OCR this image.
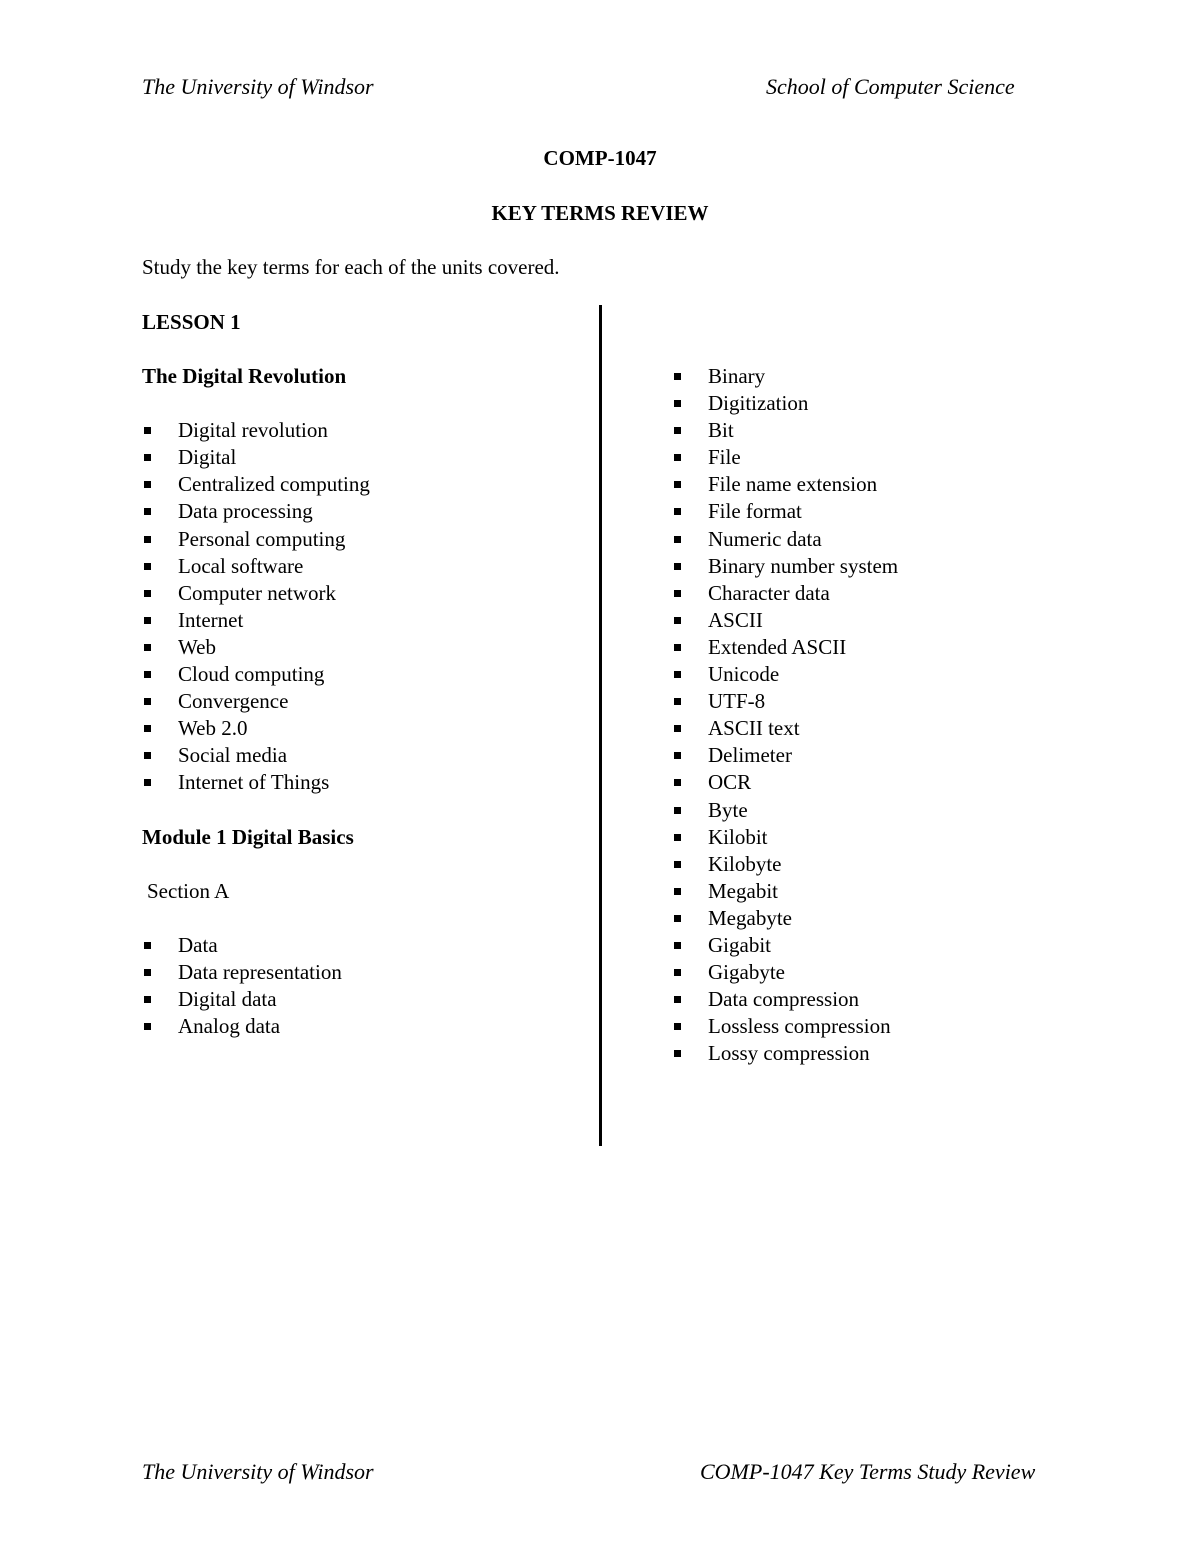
The University of Windsor	School of Computer Science
COMP-1047
KEY TERMS REVIEW
Study the key terms for each of the units covered.
LESSON 1
The Digital Revolution
Digital revolution
Digital
Centralized computing
Data processing
Personal computing
Local software
Computer network
Internet
Web
Cloud computing
Convergence
Web 2.0
Social media
Internet of Things
Module 1 Digital Basics
Section A
Data
Data representation
Digital data
Analog data
Binary
Digitization
Bit
File
File name extension
File format
Numeric data
Binary number system
Character data
ASCII
Extended ASCII
Unicode
UTF-8
ASCII text
Delimeter
OCR
Byte
Kilobit
Kilobyte
Megabit
Megabyte
Gigabit
Gigabyte
Data compression
Lossless compression
Lossy compression
The University of Windsor	COMP-1047 Key Terms Study Review
